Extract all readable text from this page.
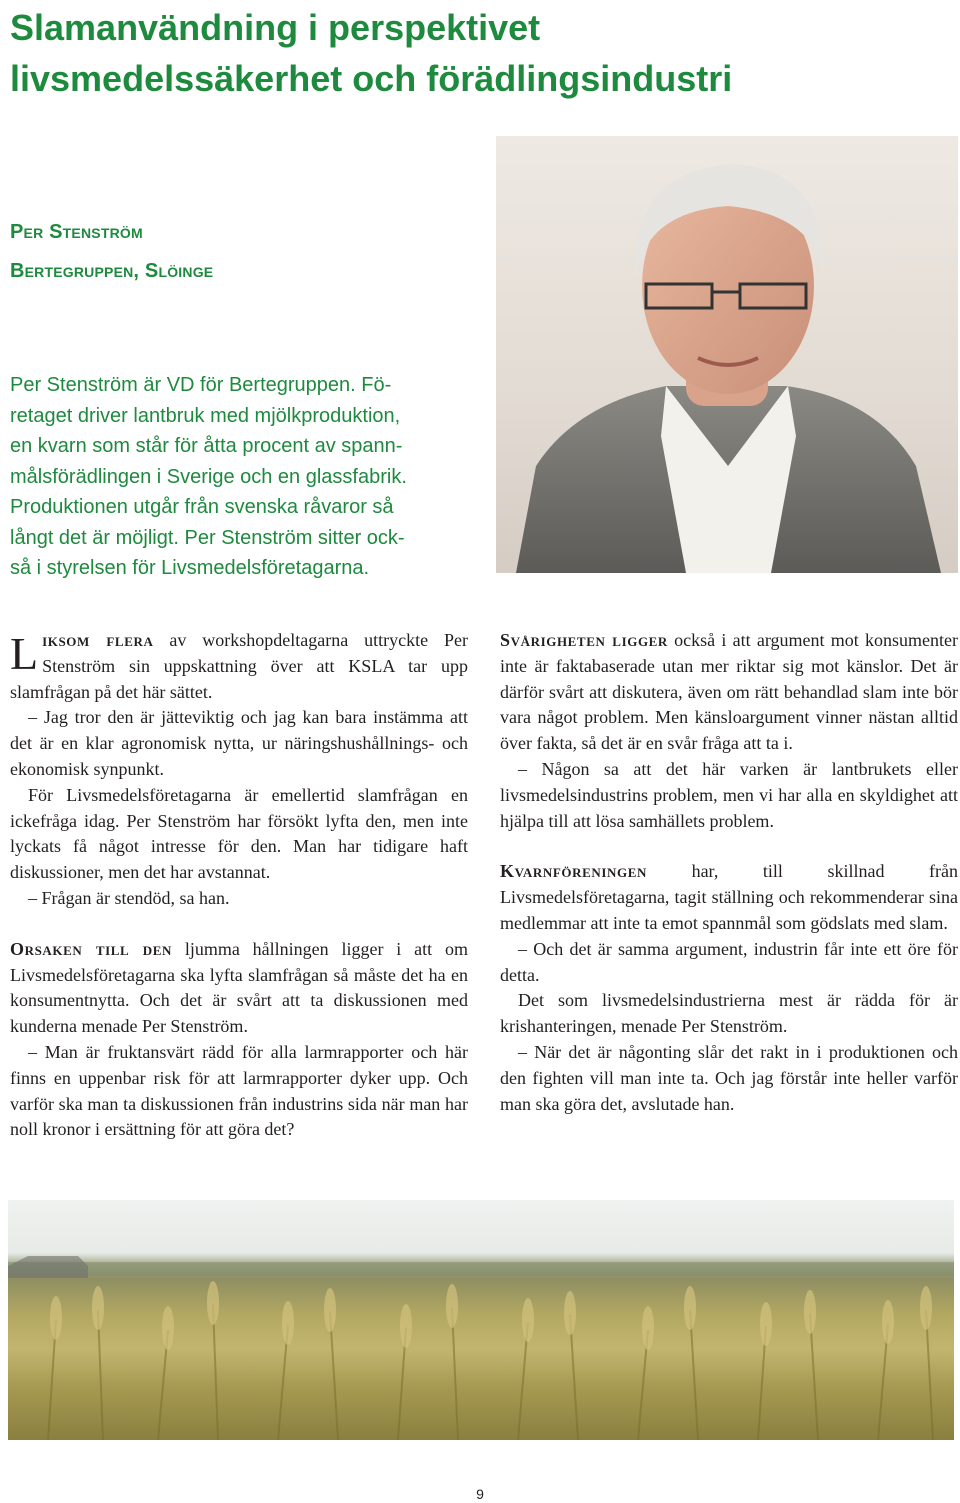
Slamanvändning i perspektivet
livsmedelssäkerhet och förädlingsindustri
Per Stenström
Bertegruppen, Slöinge

Per Stenström är VD för Bertegruppen. Fö-
retaget driver lantbruk med mjölkproduktion,
en kvarn som står för åtta procent av spann-
målsförädlingen i Sverige och en glassfabrik.
Produktionen utgår från svenska råvaror så
långt det är möjligt. Per Stenström sitter ock-
så i styrelsen för Livsmedelsföretagarna.

Liksom flera av workshopdeltagarna uttryckte Per Stenström sin uppskattning över att KSLA tar upp slamfrågan på det här sättet.

– Jag tror den är jätteviktig och jag kan bara instämma att det är en klar agronomisk nytta, ur näringshushållnings- och ekonomisk synpunkt.

För Livsmedelsföretagarna är emellertid slamfrågan en ickefråga idag. Per Stenström har försökt lyfta den, men inte lyckats få något intresse för den. Man har tidigare haft diskussioner, men det har avstannat.

– Frågan är stendöd, sa han.

Orsaken till den ljumma hållningen ligger i att om Livsmedelsföretagarna ska lyfta slamfrågan så måste det ha en konsumentnytta. Och det är svårt att ta diskussionen med kunderna menade Per Stenström.

– Man är fruktansvärt rädd för alla larmrapporter och här finns en uppenbar risk för att larmrapporter dyker upp. Och varför ska man ta diskussionen från industrins sida när man har noll kronor i ersättning för att göra det?

Svårigheten ligger också i att argument mot konsumenter inte är faktabaserade utan mer riktar sig mot känslor. Det är därför svårt att diskutera, även om rätt behandlad slam inte bör vara något problem. Men känsloargument vinner nästan alltid över fakta, så det är en svår fråga att ta i.

– Någon sa att det här varken är lantbrukets eller livsmedelsindustrins problem, men vi har alla en skyldighet att hjälpa till att lösa samhällets problem.

Kvarnföreningen har, till skillnad från Livsmedelsföretagarna, tagit ställning och rekommenderar sina medlemmar att inte ta emot spannmål som gödslats med slam.

– Och det är samma argument, industrin får inte ett öre för detta.

Det som livsmedelsindustrierna mest är rädda för är krishanteringen, menade Per Stenström.

– När det är någonting slår det rakt in i produktionen och den fighten vill man inte ta. Och jag förstår inte heller varför man ska göra det, avslutade han.

9
